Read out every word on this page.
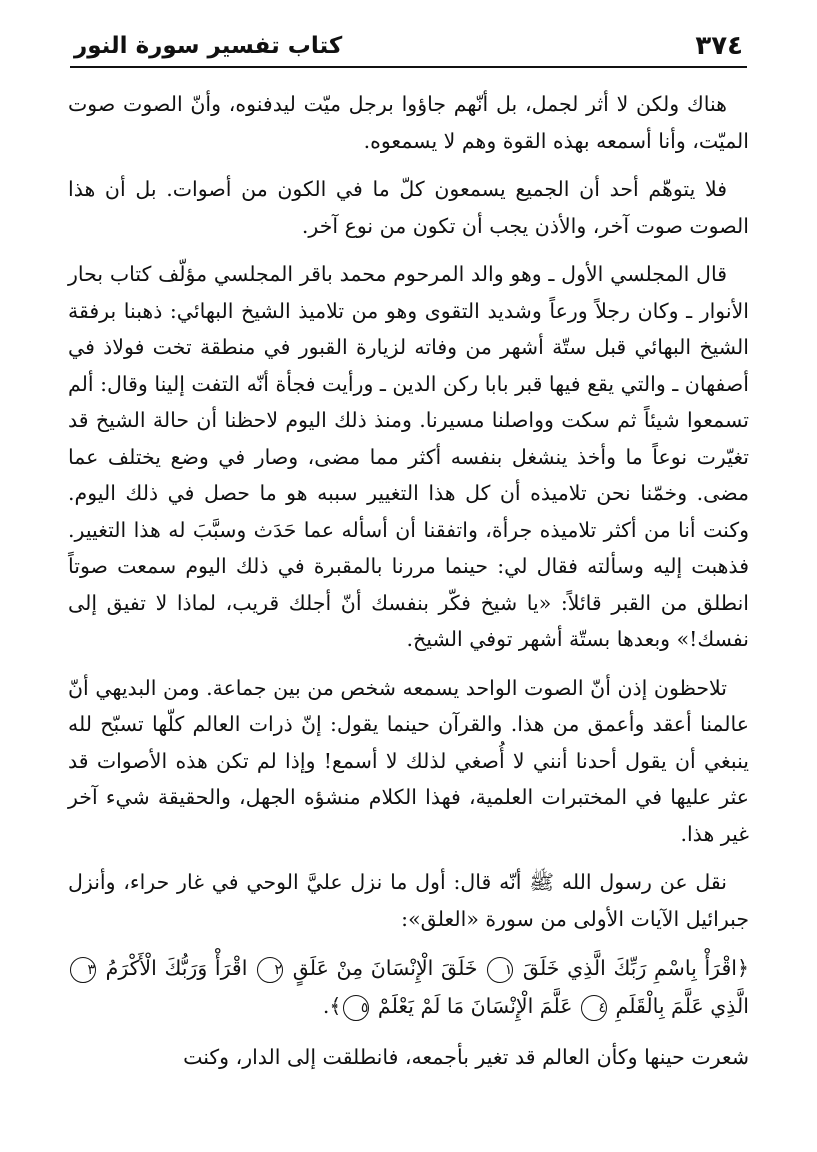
٣٧٤
كتاب تفسير سورة النور

هناك ولكن لا أثر لجمل، بل أنّهم جاؤوا برجل ميّت ليدفنوه، وأنّ الصوت صوت الميّت، وأنا أسمعه بهذه القوة وهم لا يسمعوه.

فلا يتوهّم أحد أن الجميع يسمعون كلّ ما في الكون من أصوات. بل أن هذا الصوت صوت آخر، والأذن يجب أن تكون من نوع آخر.

قال المجلسي الأول ـ وهو والد المرحوم محمد باقر المجلسي مؤلّف كتاب بحار الأنوار ـ وكان رجلاً ورعاً وشديد التقوى وهو من تلاميذ الشيخ البهائي: ذهبنا برفقة الشيخ البهائي قبل ستّة أشهر من وفاته لزيارة القبور في منطقة تخت فولاذ في أصفهان ـ والتي يقع فيها قبر بابا ركن الدين ـ ورأيت فجأة أنّه التفت إلينا وقال: ألم تسمعوا شيئاً ثم سكت وواصلنا مسيرنا. ومنذ ذلك اليوم لاحظنا أن حالة الشيخ قد تغيّرت نوعاً ما وأخذ ينشغل بنفسه أكثر مما مضى، وصار في وضع يختلف عما مضى. وخمّنا نحن تلاميذه أن كل هذا التغيير سببه هو ما حصل في ذلك اليوم. وكنت أنا من أكثر تلاميذه جرأة، واتفقنا أن أسأله عما حَدَث وسبَّبَ له هذا التغيير. فذهبت إليه وسألته فقال لي: حينما مررنا بالمقبرة في ذلك اليوم سمعت صوتاً انطلق من القبر قائلاً: «يا شيخ فكّر بنفسك أنّ أجلك قريب، لماذا لا تفيق إلى نفسك!» وبعدها بستّة أشهر توفي الشيخ.

تلاحظون إذن أنّ الصوت الواحد يسمعه شخص من بين جماعة. ومن البديهي أنّ عالمنا أعقد وأعمق من هذا. والقرآن حينما يقول: إنّ ذرات العالم كلّها تسبّح لله ينبغي أن يقول أحدنا أنني لا أُصغي لذلك لا أسمع! وإذا لم تكن هذه الأصوات قد عثر عليها في المختبرات العلمية، فهذا الكلام منشؤه الجهل، والحقيقة شيء آخر غير هذا.

نقل عن رسول الله ﷺ أنّه قال: أول ما نزل عليَّ الوحي في غار حراء، وأنزل جبرائيل الآيات الأولى من سورة «العلق»:

﴿اقْرَأْ بِاسْمِ رَبِّكَ الَّذِي خَلَقَ ١ خَلَقَ الْإِنْسَانَ مِنْ عَلَقٍ ٢ اقْرَأْ وَرَبُّكَ الْأَكْرَمُ ٣ الَّذِي عَلَّمَ بِالْقَلَمِ ٤ عَلَّمَ الْإِنْسَانَ مَا لَمْ يَعْلَمْ ٥﴾.

شعرت حينها وكأن العالم قد تغير بأجمعه، فانطلقت إلى الدار، وكنت
